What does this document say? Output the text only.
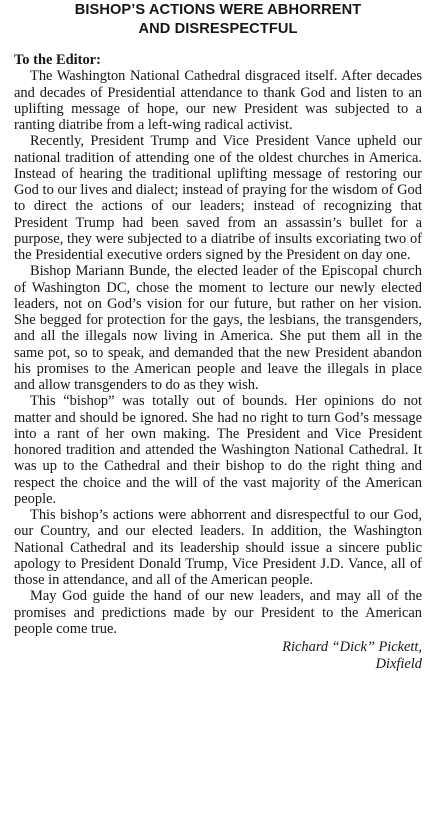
BISHOP’S ACTIONS WERE ABHORRENT
AND DISRESPECTFUL

To the Editor:

The Washington National Cathedral disgraced itself. After decades and decades of Presidential attendance to thank God and listen to an uplifting message of hope, our new President was subjected to a ranting diatribe from a left-wing radical activist.

Recently, President Trump and Vice President Vance upheld our national tradition of attending one of the oldest churches in America. Instead of hearing the traditional uplifting message of restoring our God to our lives and dialect; instead of praying for the wisdom of God to direct the actions of our leaders; instead of recognizing that President Trump had been saved from an assassin’s bullet for a purpose, they were subjected to a diatribe of insults excoriating two of the Presidential executive orders signed by the President on day one.

Bishop Mariann Bunde, the elected leader of the Episcopal church of Washington DC, chose the moment to lecture our newly elected leaders, not on God’s vision for our future, but rather on her vision. She begged for protection for the gays, the lesbians, the transgenders, and all the illegals now living in America. She put them all in the same pot, so to speak, and demanded that the new President abandon his promises to the American people and leave the illegals in place and allow transgenders to do as they wish.

This “bishop” was totally out of bounds. Her opinions do not matter and should be ignored. She had no right to turn God’s message into a rant of her own making. The President and Vice President honored tradition and attended the Washington National Cathedral. It was up to the Cathedral and their bishop to do the right thing and respect the choice and the will of the vast majority of the American people.

This bishop’s actions were abhorrent and disrespectful to our God, our Country, and our elected leaders. In addition, the Washington National Cathedral and its leadership should issue a sincere public apology to President Donald Trump, Vice President J.D. Vance, all of those in attendance, and all of the American people.

May God guide the hand of our new leaders, and may all of the promises and predictions made by our President to the American people come true.

Richard “Dick” Pickett,
Dixfield
